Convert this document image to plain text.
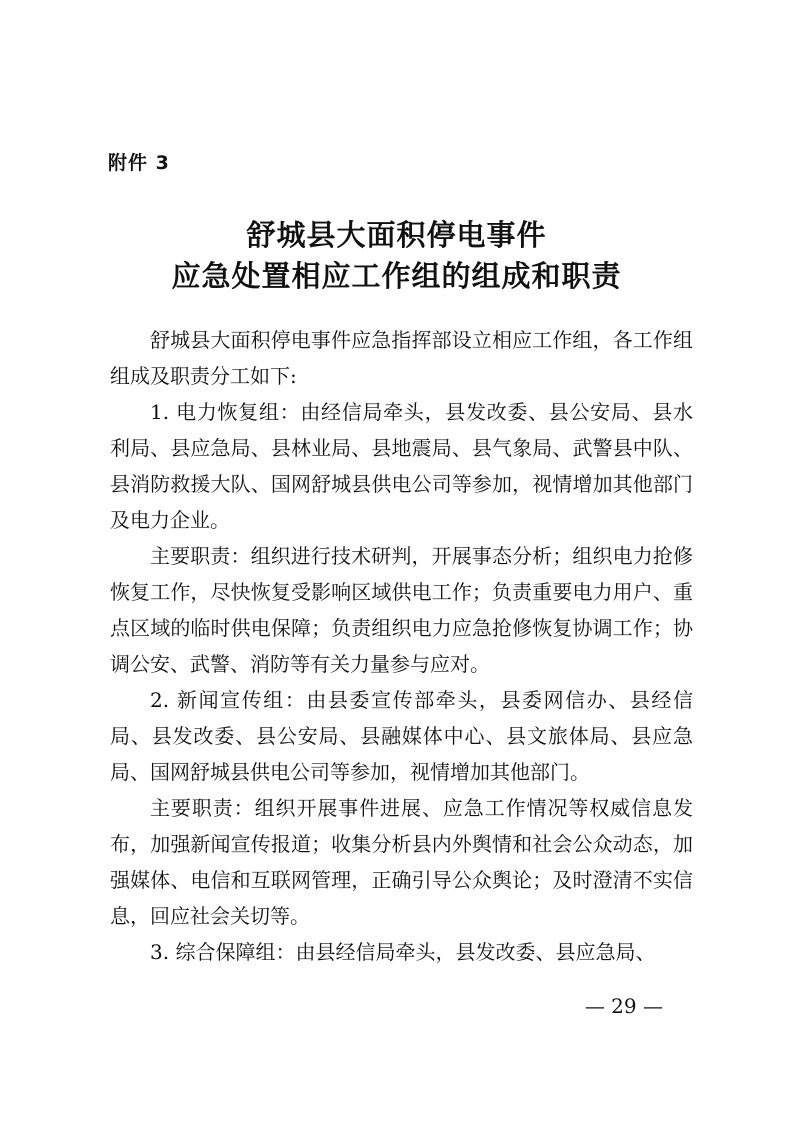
附件 3
舒城县大面积停电事件
应急处置相应工作组的组成和职责

舒城县大面积停电事件应急指挥部设立相应工作组，各工作组组成及职责分工如下:

1. 电力恢复组：由经信局牵头，县发改委、县公安局、县水利局、县应急局、县林业局、县地震局、县气象局、武警县中队、县消防救援大队、国网舒城县供电公司等参加，视情增加其他部门及电力企业。

主要职责：组织进行技术研判，开展事态分析；组织电力抢修恢复工作，尽快恢复受影响区域供电工作；负责重要电力用户、重点区域的临时供电保障；负责组织电力应急抢修恢复协调工作；协调公安、武警、消防等有关力量参与应对。

2. 新闻宣传组：由县委宣传部牵头，县委网信办、县经信局、县发改委、县公安局、县融媒体中心、县文旅体局、县应急局、国网舒城县供电公司等参加，视情增加其他部门。

主要职责：组织开展事件进展、应急工作情况等权威信息发布，加强新闻宣传报道；收集分析县内外舆情和社会公众动态，加强媒体、电信和互联网管理，正确引导公众舆论；及时澄清不实信息，回应社会关切等。

3. 综合保障组：由县经信局牵头，县发改委、县应急局、

— 29 —
